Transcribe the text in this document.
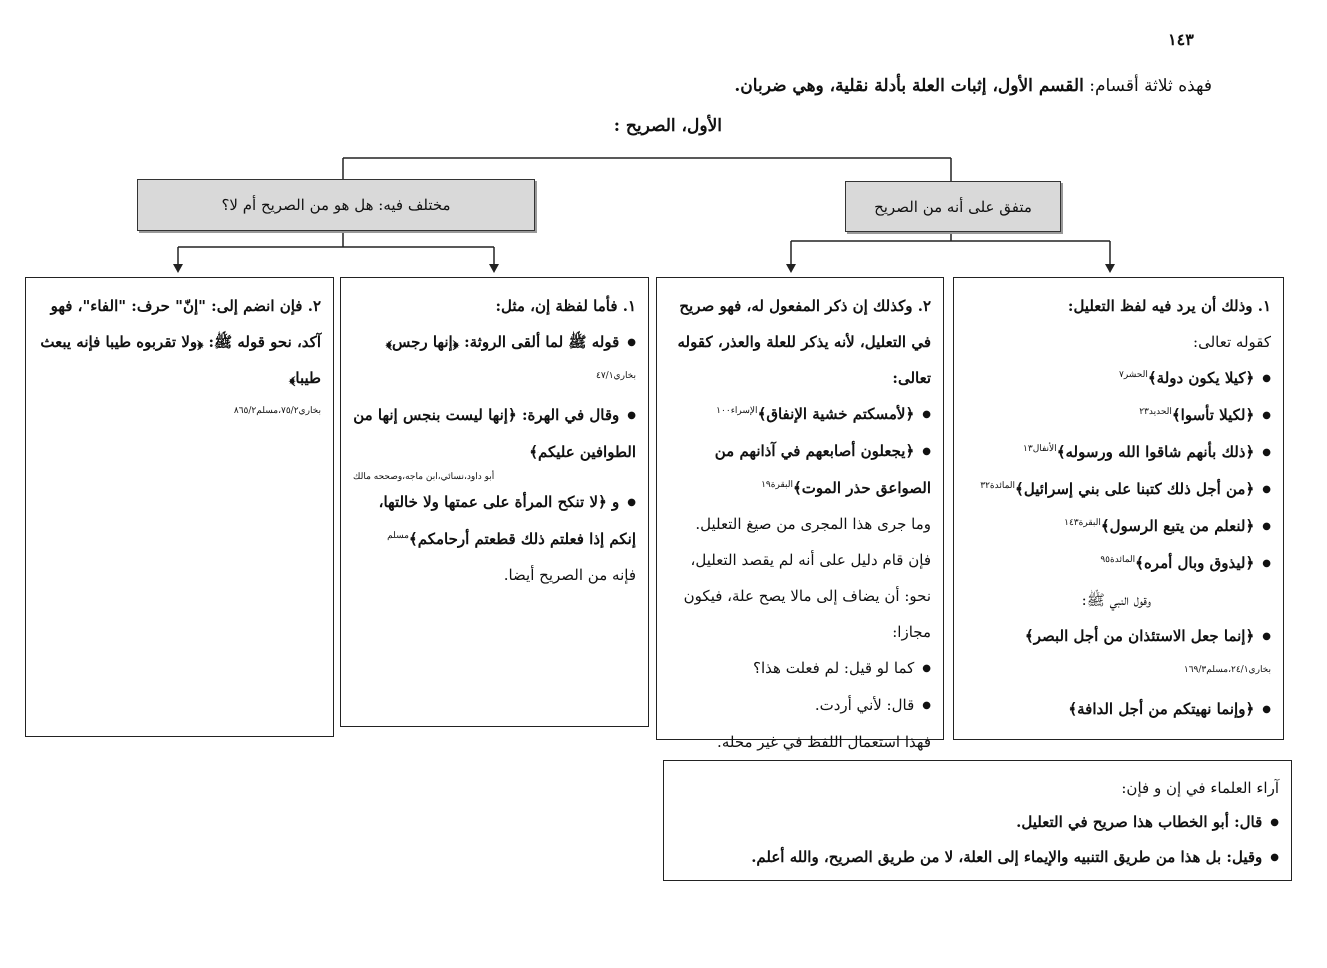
١٤٣
فهذه ثلاثة أقسام: القسم الأول، إثبات العلة بأدلة نقلية، وهي ضربان.
الأول، الصريح :
مختلف فيه: هل هو من الصريح أم لا؟	متفق على أنه من الصريح
١. وذلك أن يرد فيه لفظ التعليل:
كقوله تعالى:
● ﴿كيلا يكون دولة﴾$^{الحشر٧}$
● ﴿لكيلا تأسوا﴾$^{الحديد٢٣}$
● ﴿ذلك بأنهم شاقوا الله ورسوله﴾$^{الأنفال١٣}$
● ﴿من أجل ذلك كتبنا على بني إسرائيل﴾$^{المائدة٣٢}$
● ﴿لنعلم من يتبع الرسول﴾$^{البقرة١٤٣}$
● ﴿ليذوق وبال أمره﴾$^{المائدة٩٥}$
وقول النبي ﷺ:
● ﴿إنما جعل الاستئذان من أجل البصر﴾$^{بخاري٢٤/١،مسلم١٦٩/٣}$
● ﴿وإنما نهيتكم من أجل الدافة﴾
٢. وكذلك إن ذكر المفعول له، فهو صريح في التعليل، لأنه يذكر للعلة والعذر، كقوله تعالى:
● ﴿لأمسكتم خشية الإنفاق﴾$^{الإسراء١٠٠}$
● ﴿يجعلون أصابعهم في آذانهم من الصواعق حذر الموت﴾$^{البقرة١٩}$
وما جرى هذا المجرى من صيغ التعليل.
فإن قام دليل على أنه لم يقصد التعليل، نحو: أن يضاف إلى مالا يصح علة، فيكون مجازا:
● كما لو قيل: لم فعلت هذا؟
● قال: لأني أردت.
فهذا استعمال اللفظ في غير محله.
١. فأما لفظة إن، مثل:
● قوله ﷺ لما ألقى الروثة: ﴿إنها رجس﴾$^{بخاري٤٧/١}$
● وقال في الهرة: ﴿إنها ليست بنجس إنها من الطوافين عليكم﴾
أبو داود،نسائي،ابن ماجه،وصححه مالك
● و ﴿لا تنكح المرأة على عمتها ولا خالتها، إنكم إذا فعلتم ذلك قطعتم أرحامكم﴾$^{مسلم}$
فإنه من الصريح أيضا.
٢. فإن انضم إلى: "إنّ" حرف: "الفاء"، فهو آكد، نحو قوله ﷺ: ﴿ولا تقربوه طيبا فإنه يبعث طيبا﴾
$^{بخاري٧٥/٢،مسلم٨٦٥/٢}$
آراء العلماء في إن و فإن:
● قال: أبو الخطاب هذا صريح في التعليل.
● وقيل: بل هذا من طريق التنبيه والإيماء إلى العلة، لا من طريق الصريح، والله أعلم.
